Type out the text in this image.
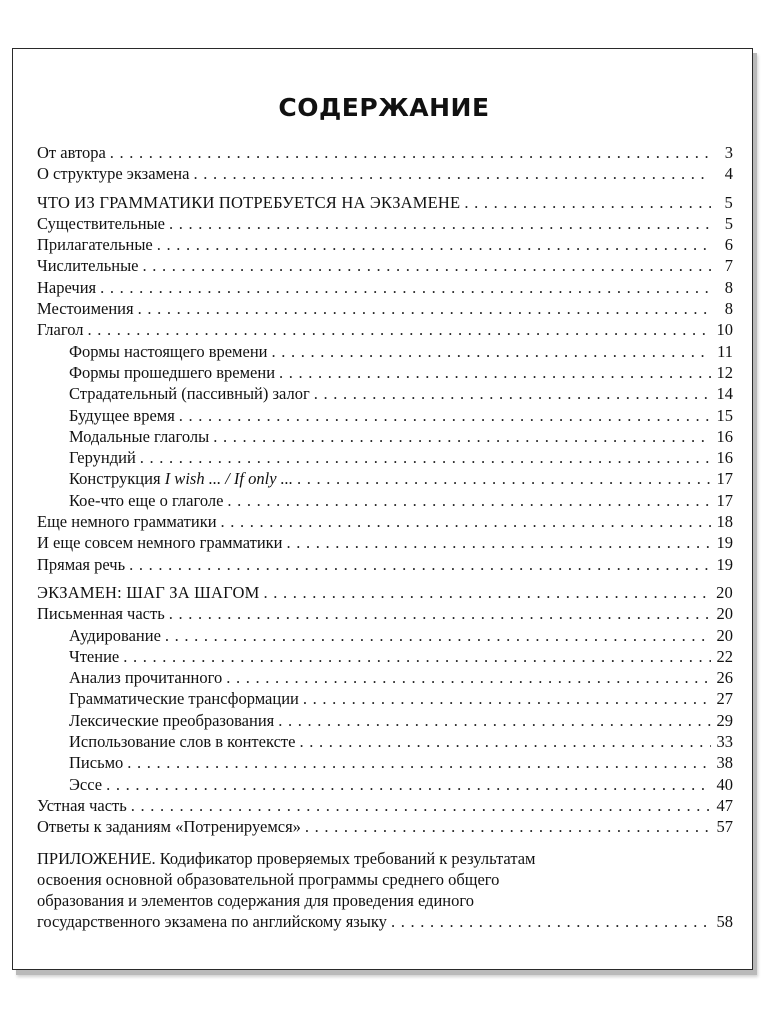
СОДЕРЖАНИЕ
От автора . . .	3
О структуре экзамена . . .	4
ЧТО ИЗ ГРАММАТИКИ ПОТРЕБУЕТСЯ НА ЭКЗАМЕНЕ . . .	5
Существительные . . .	5
Прилагательные . . .	6
Числительные . . .	7
Наречия . . .	8
Местоимения . . .	8
Глагол . . .	10
Формы настоящего времени . . .	11
Формы прошедшего времени . . .	12
Страдательный (пассивный) залог . . .	14
Будущее время . . .	15
Модальные глаголы . . .	16
Герундий . . .	16
Конструкция I wish ... / If only ... . . .	17
Кое-что еще о глаголе . . .	17
Еще немного грамматики . . .	18
И еще совсем немного грамматики . . .	19
Прямая речь . . .	19
ЭКЗАМЕН: ШАГ ЗА ШАГОМ . . .	20
Письменная часть . . .	20
Аудирование . . .	20
Чтение . . .	22
Анализ прочитанного . . .	26
Грамматические трансформации . . .	27
Лексические преобразования . . .	29
Использование слов в контексте . . .	33
Письмо . . .	38
Эссе . . .	40
Устная часть . . .	47
Ответы к заданиям «Потренируемся» . . .	57
ПРИЛОЖЕНИЕ. Кодификатор проверяемых требований к результатам
освоения основной образовательной программы среднего общего
образования и элементов содержания для проведения единого
государственного экзамена по английскому языку . . .	58
